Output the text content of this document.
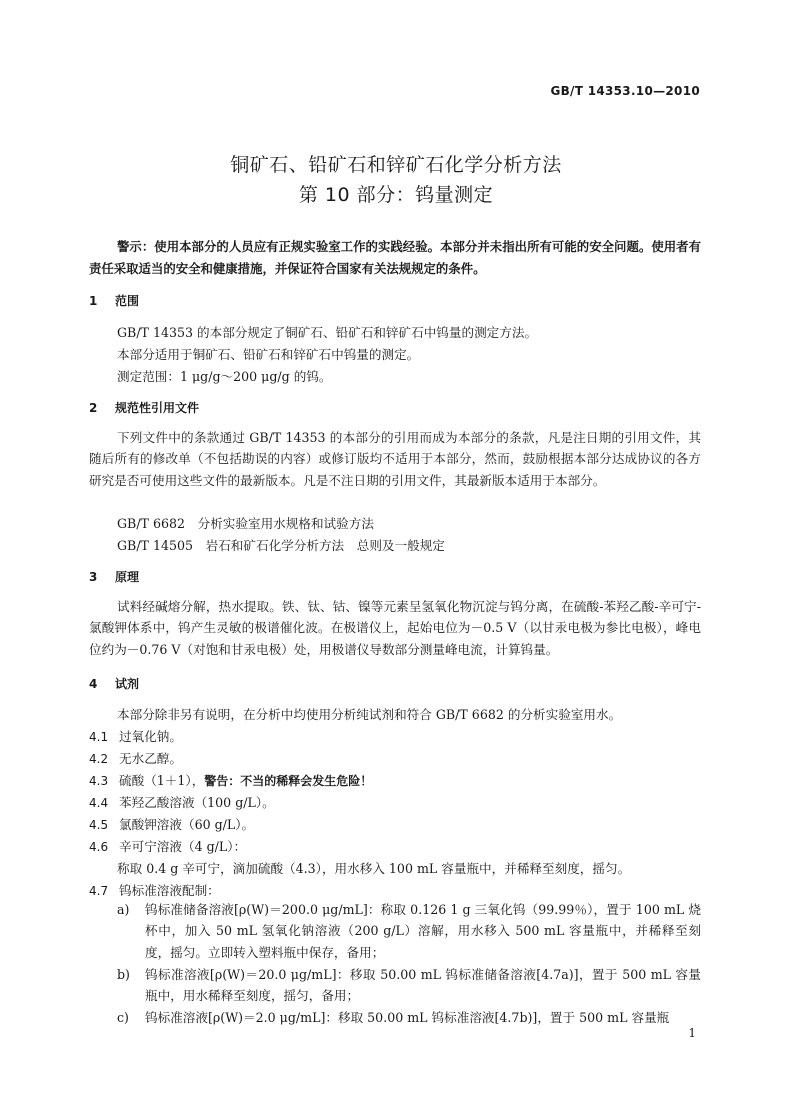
GB/T 14353.10—2010
铜矿石、铅矿石和锌矿石化学分析方法
第 10 部分：钨量测定
警示：使用本部分的人员应有正规实验室工作的实践经验。本部分并未指出所有可能的安全问题。使用者有责任采取适当的安全和健康措施，并保证符合国家有关法规规定的条件。
1 范围
GB/T 14353 的本部分规定了铜矿石、铅矿石和锌矿石中钨量的测定方法。
本部分适用于铜矿石、铅矿石和锌矿石中钨量的测定。
测定范围：1 μg/g～200 μg/g 的钨。
2 规范性引用文件
下列文件中的条款通过 GB/T 14353 的本部分的引用而成为本部分的条款，凡是注日期的引用文件，其随后所有的修改单（不包括勘误的内容）或修订版均不适用于本部分，然而，鼓励根据本部分达成协议的各方研究是否可使用这些文件的最新版本。凡是不注日期的引用文件，其最新版本适用于本部分。
GB/T 6682　分析实验室用水规格和试验方法
GB/T 14505　岩石和矿石化学分析方法　总则及一般规定
3 原理
试料经碱熔分解，热水提取。铁、钛、钴、镍等元素呈氢氧化物沉淀与钨分离，在硫酸-苯羟乙酸-辛可宁-氯酸钾体系中，钨产生灵敏的极谱催化波。在极谱仪上，起始电位为－0.5 V（以甘汞电极为参比电极），峰电位约为－0.76 V（对饱和甘汞电极）处，用极谱仪导数部分测量峰电流，计算钨量。
4 试剂
本部分除非另有说明，在分析中均使用分析纯试剂和符合 GB/T 6682 的分析实验室用水。
4.1 过氧化钠。
4.2 无水乙醇。
4.3 硫酸（1＋1），警告：不当的稀释会发生危险！
4.4 苯羟乙酸溶液（100 g/L）。
4.5 氯酸钾溶液（60 g/L）。
4.6 辛可宁溶液（4 g/L）：
称取 0.4 g 辛可宁，滴加硫酸（4.3），用水移入 100 mL 容量瓶中，并稀释至刻度，摇匀。
4.7 钨标准溶液配制：
a) 钨标准储备溶液[ρ(W)＝200.0 μg/mL]：称取 0.126 1 g 三氧化钨（99.99％），置于 100 mL 烧杯中，加入 50 mL 氢氧化钠溶液（200 g/L）溶解，用水移入 500 mL 容量瓶中，并稀释至刻度，摇匀。立即转入塑料瓶中保存，备用；
b) 钨标准溶液[ρ(W)＝20.0 μg/mL]：移取 50.00 mL 钨标准储备溶液[4.7a)]，置于 500 mL 容量瓶中，用水稀释至刻度，摇匀，备用；
c) 钨标准溶液[ρ(W)＝2.0 μg/mL]：移取 50.00 mL 钨标准溶液[4.7b)]，置于 500 mL 容量瓶
1
